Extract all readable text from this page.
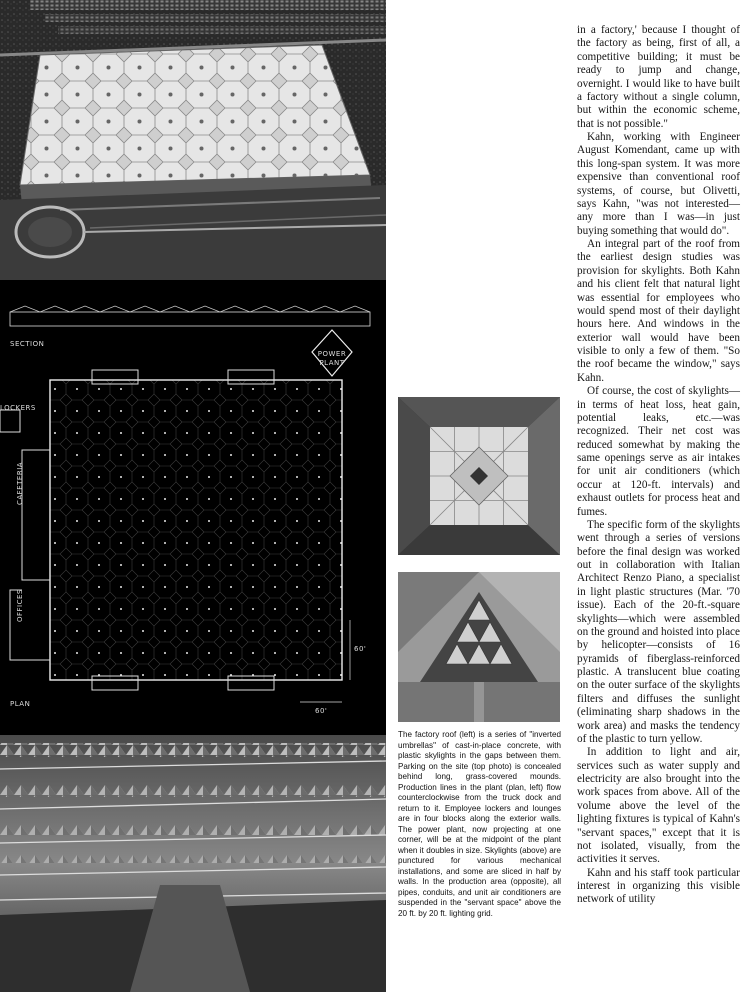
SECTION
POWER PLANT
LOCKERS
CAFETERIA
OFFICES
PLAN
60'
60'

The factory roof (left) is a series of "inverted umbrellas" of cast-in-place concrete, with plastic skylights in the gaps between them. Parking on the site (top photo) is concealed behind long, grass-covered mounds. Production lines in the plant (plan, left) flow counterclockwise from the truck dock and return to it. Employee lockers and lounges are in four blocks along the exterior walls. The power plant, now projecting at one corner, will be at the midpoint of the plant when it doubles in size. Skylights (above) are punctured for various mechanical installations, and some are sliced in half by walls. In the production area (opposite), all pipes, conduits, and unit air conditioners are suspended in the "servant space" above the 20 ft. by 20 ft. lighting grid.

in a factory,' because I thought of the factory as being, first of all, a competitive building; it must be ready to jump and change, overnight. I would like to have built a factory without a single column, but within the economic scheme, that is not possible."

Kahn, working with Engineer August Komendant, came up with this long-span system. It was more expensive than conventional roof systems, of course, but Olivetti, says Kahn, "was not interested—any more than I was—in just buying something that would do".

An integral part of the roof from the earliest design studies was provision for skylights. Both Kahn and his client felt that natural light was essential for employees who would spend most of their daylight hours here. And windows in the exterior wall would have been visible to only a few of them. "So the roof became the window," says Kahn.

Of course, the cost of skylights—in terms of heat loss, heat gain, potential leaks, etc.—was recognized. Their net cost was reduced somewhat by making the same openings serve as air intakes for unit air conditioners (which occur at 120-ft. intervals) and exhaust outlets for process heat and fumes.

The specific form of the skylights went through a series of versions before the final design was worked out in collaboration with Italian Architect Renzo Piano, a specialist in light plastic structures (Mar. '70 issue). Each of the 20-ft.-square skylights—which were assembled on the ground and hoisted into place by helicopter—consists of 16 pyramids of fiberglass-reinforced plastic. A translucent blue coating on the outer surface of the skylights filters and diffuses the sunlight (eliminating sharp shadows in the work area) and masks the tendency of the plastic to turn yellow.

In addition to light and air, services such as water supply and electricity are also brought into the work spaces from above. All of the volume above the level of the lighting fixtures is typical of Kahn's "servant spaces," except that it is not isolated, visually, from the activities it serves.

Kahn and his staff took particular interest in organizing this visible network of utility
